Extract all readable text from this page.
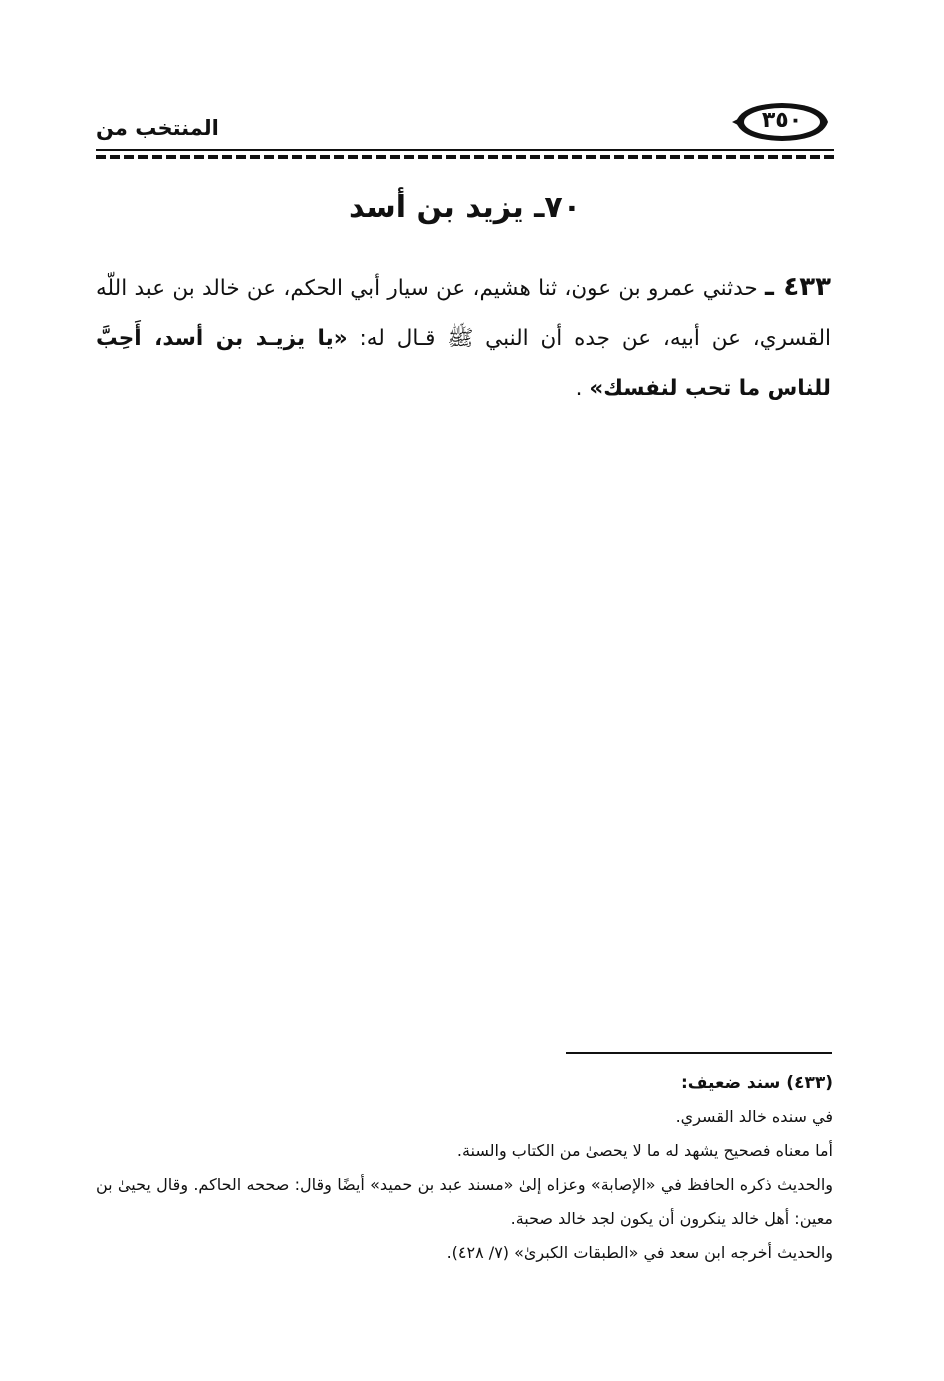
المنتخب من	٣٥٠
٧٠ـ يزيد بن أسد
٤٣٣ ـ حدثني عمرو بن عون، ثنا هشيم، عن سيار أبي الحكم، عن خالد بن عبد اللّه القسري، عن أبيه، عن جده أن النبي ﷺ قـال له: «يا يزيـد بن أسد، أَحِبَّ للناس ما تحب لنفسك» .

(٤٣٣) سند ضعيف:

في سنده خالد القسري.

أما معناه فصحيح يشهد له ما لا يحصىٰ من الكتاب والسنة.

والحديث ذكره الحافظ في «الإصابة» وعزاه إلىٰ «مسند عبد بن حميد» أيضًا وقال: صححه الحاكم. وقال يحيىٰ بن معين: أهل خالد ينكرون أن يكون لجد خالد صحبة.

والحديث أخرجه ابن سعد في «الطبقات الكبرىٰ» (٧/ ٤٢٨).
